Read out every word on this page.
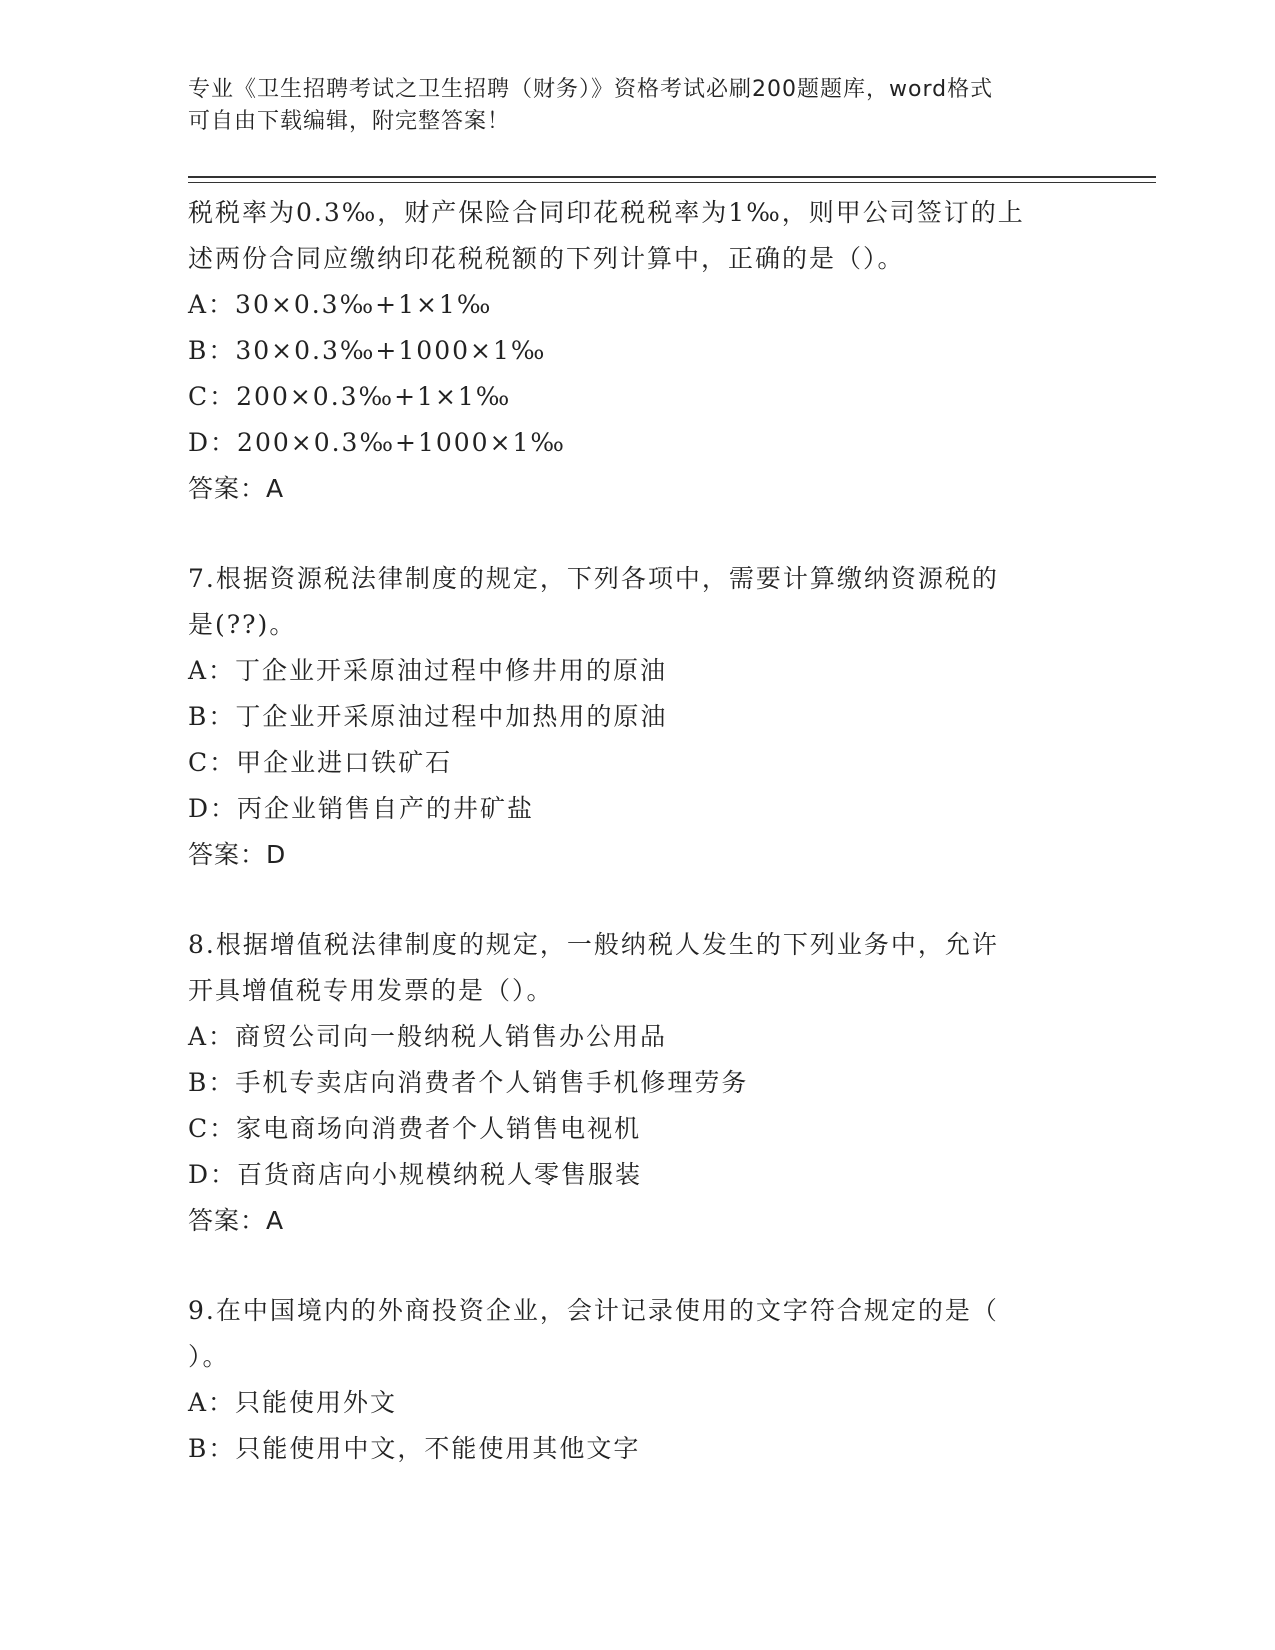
专业《卫生招聘考试之卫生招聘（财务）》资格考试必刷200题题库，word格式
可自由下载编辑，附完整答案！
税税率为0.3‰，财产保险合同印花税税率为1‰，则甲公司签订的上
述两份合同应缴纳印花税税额的下列计算中，正确的是（）。
A：30×0.3‰+1×1‰
B：30×0.3‰+1000×1‰
C：200×0.3‰+1×1‰
D：200×0.3‰+1000×1‰
答案：A
7.根据资源税法律制度的规定，下列各项中，需要计算缴纳资源税的
是(??)。
A：丁企业开采原油过程中修井用的原油
B：丁企业开采原油过程中加热用的原油
C：甲企业进口铁矿石
D：丙企业销售自产的井矿盐
答案：D
8.根据增值税法律制度的规定，一般纳税人发生的下列业务中，允许
开具增值税专用发票的是（）。
A：商贸公司向一般纳税人销售办公用品
B：手机专卖店向消费者个人销售手机修理劳务
C：家电商场向消费者个人销售电视机
D：百货商店向小规模纳税人零售服装
答案：A
9.在中国境内的外商投资企业，会计记录使用的文字符合规定的是（
）。
A：只能使用外文
B：只能使用中文，不能使用其他文字
